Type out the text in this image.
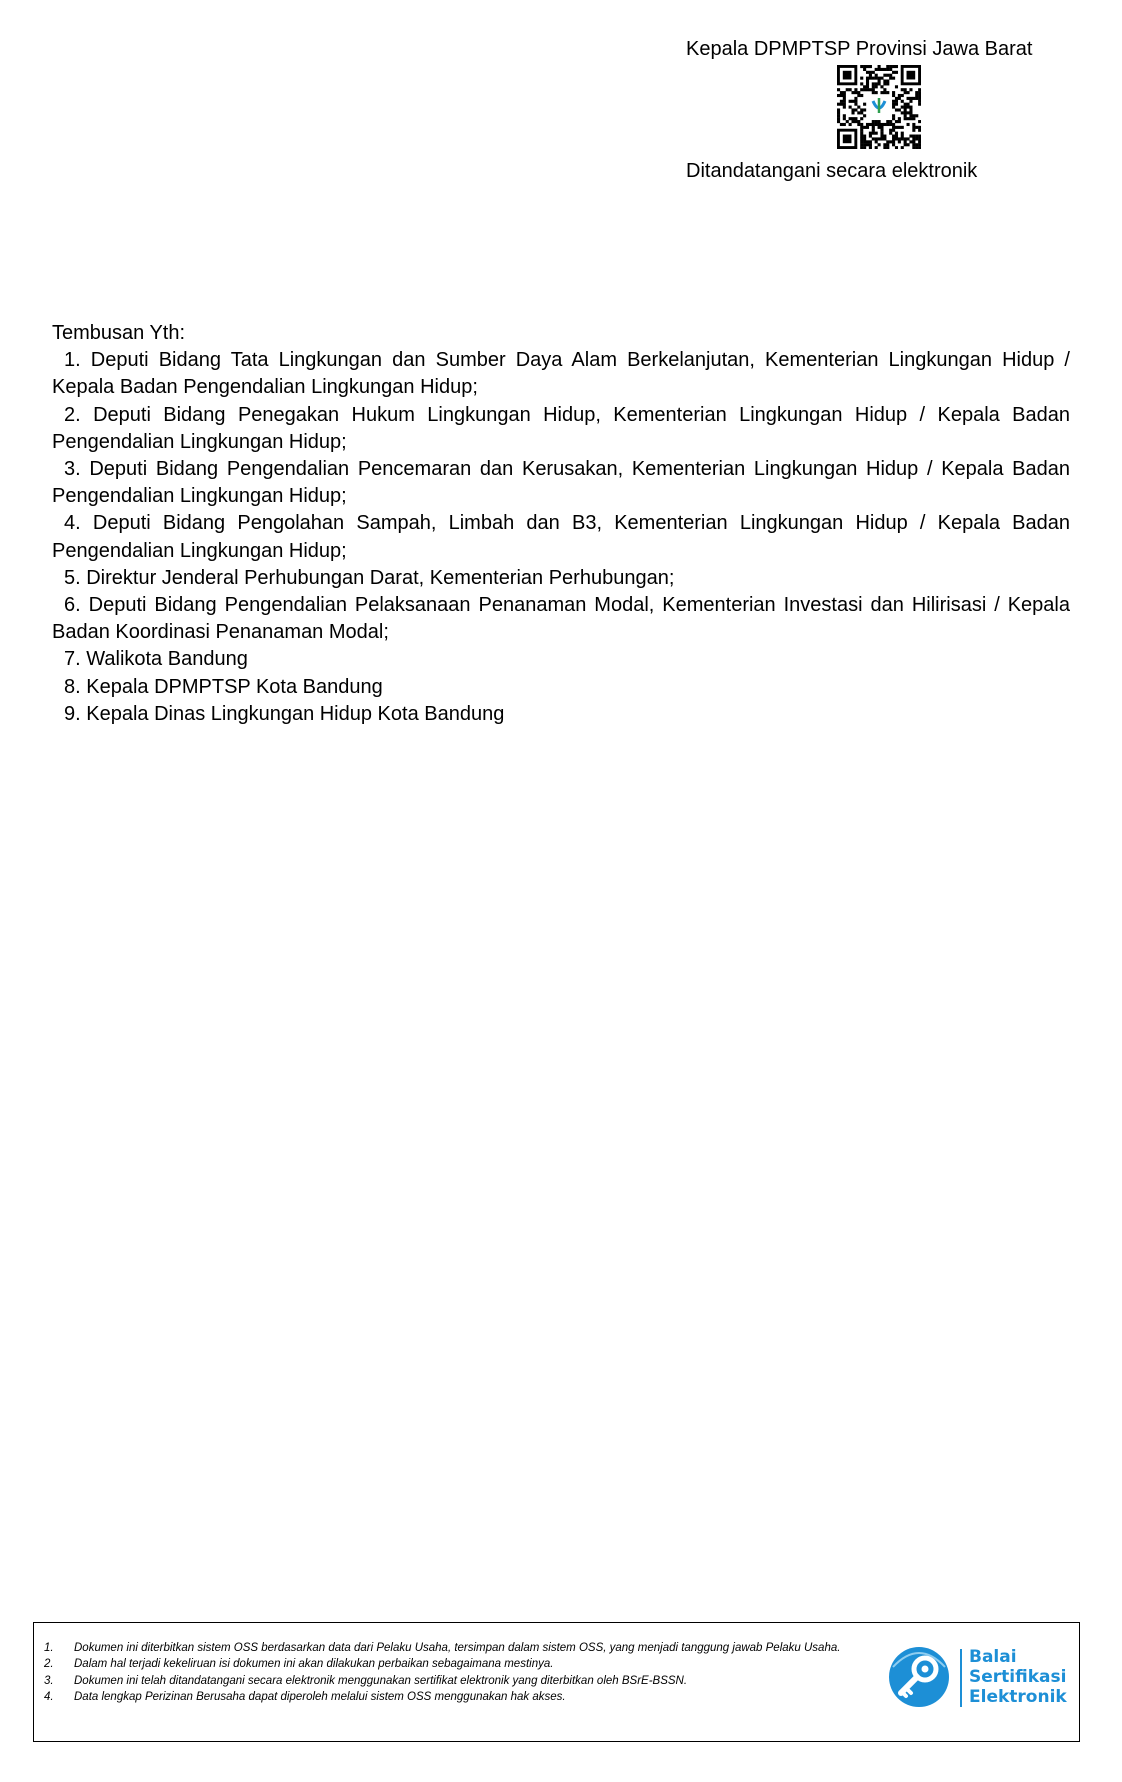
Kepala DPMPTSP Provinsi Jawa Barat
Ditandatangani secara elektronik
Tembusan Yth:
1. Deputi Bidang Tata Lingkungan dan Sumber Daya Alam Berkelanjutan, Kementerian Lingkungan Hidup / Kepala Badan Pengendalian Lingkungan Hidup;
2. Deputi Bidang Penegakan Hukum Lingkungan Hidup, Kementerian Lingkungan Hidup / Kepala Badan Pengendalian Lingkungan Hidup;
3. Deputi Bidang Pengendalian Pencemaran dan Kerusakan, Kementerian Lingkungan Hidup / Kepala Badan Pengendalian Lingkungan Hidup;
4. Deputi Bidang Pengolahan Sampah, Limbah dan B3, Kementerian Lingkungan Hidup / Kepala Badan Pengendalian Lingkungan Hidup;
5. Direktur Jenderal Perhubungan Darat, Kementerian Perhubungan;
6. Deputi Bidang Pengendalian Pelaksanaan Penanaman Modal, Kementerian Investasi dan Hilirisasi / Kepala Badan Koordinasi Penanaman Modal;
7. Walikota Bandung
8. Kepala DPMPTSP Kota Bandung
9. Kepala Dinas Lingkungan Hidup Kota Bandung
1.	Dokumen ini diterbitkan sistem OSS berdasarkan data dari Pelaku Usaha, tersimpan dalam sistem OSS, yang menjadi tanggung jawab Pelaku Usaha.
2.	Dalam hal terjadi kekeliruan isi dokumen ini akan dilakukan perbaikan sebagaimana mestinya.
3.	Dokumen ini telah ditandatangani secara elektronik menggunakan sertifikat elektronik yang diterbitkan oleh BSrE-BSSN.
4.	Data lengkap Perizinan Berusaha dapat diperoleh melalui sistem OSS menggunakan hak akses.
Balai
Sertifikasi
Elektronik
